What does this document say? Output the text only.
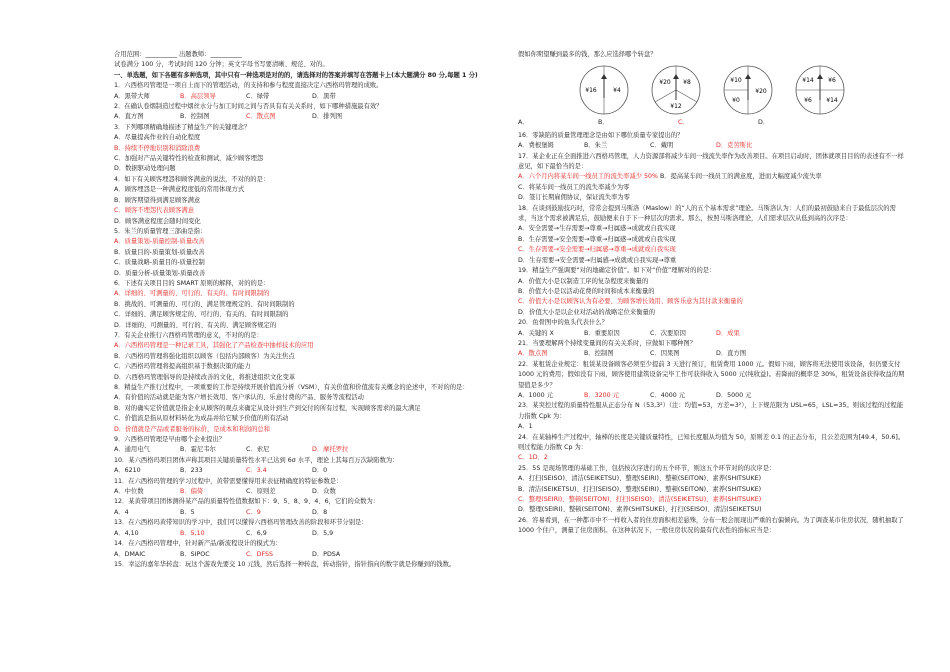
合用范围：__________ 出题教师：__________
试卷满分 100 分，考试时间 120 分钟；英文字母书写要清晰、规范、对的。
一、单选题，如下各题有多种选项，其中只有一种选项是对的的，请选择对的答案并填写在答题卡上(本大题满分 80 分,每题 1 分)
1．六西格玛管理是一项自上而下的管理活动，的支持和参与程度直接决定六西格玛管理的成败。
A．黑带大师	B．高层领导	C．绿带	D．黑带
2．在确认卷烟制造过程中烟丝水分与加工时间之间与否具有有关关系时，如下哪种措施最有效？
A．直方图	B．控制图	C．散点图	D．排列图
3．下列哪项精确地描述了精益生产的关键理念？
A．尽量提高作业的自动化程度
B．持续不停地识别和消除浪费
C．加强对产品关键特性的检查和测试，减少顾客埋怨
D．数据驱动处理问题
4．如下有关顾客埋怨和顾客满意的说法，不对的的是：
A．顾客埋怨是一种满意程度低的常用体现方式
B．顾客期望得到满足顾客满意
C．顾客不埋怨代表顾客满意
D．顾客满意程度会随时间变化
5．朱兰的质量管理三部曲是指：
A．质量策划-质量控制-质量改善
B．质量目的-质量策划-质量改善
C．质量战略-质量目的-质量控制
D．质量分析-质量策划-质量改善
6．下述有关项目目的 SMART 原则的解释，对的的是：
A．详细的、可测量的、可行的、有关的、有时间限制的
B．挑战的、可测量的、可行的、满足管理规定的、有时间限制的
C．详细的、满足顾客规定的、可行的、有关的、有时间限制的
D．详细的、可测量的、可行的、有关的、满足顾客规定的
7．有关企业推行六西格玛管理的意义，不对的的是：
A．六西格玛管理是一种记录工具，其强化了产品检查中抽样技术的应用
B．六西格玛管理将强化组织以顾客（包括内部顾客）为关注焦点
C．六西格玛管理将提高组织基于数据决策的能力
D．六西格玛管理倡导的是持续改善的文化，将推进组织文化变革
8．精益生产推行过程中，一项重要的工作是持续开展价值流分析（VSM），有关价值和价值流有关概念的论述中，不对的的是：
A．有价值的活动就是能为客户增长效用、客户承认的、乐意付费的产品、服务等流程活动
B．对的确实定价值就是指企业从顾客的观点来确定从设计到生产到交付的所有过程，实现顾客需求的最大满足
C．价值流是指从原材料转化为成品并给它赋予价值的所有活动
D．价值就是产品或者服务的标价，是成本和利润的总和
9．六西格玛管理是早由哪个企业提出？
A．通用电气	B．霍尼韦尔	C．索尼	D．摩托罗拉
10．某六西格玛项目团体声称其项目关键质量特性水平已达到 6σ 水平，理论上其每百万次缺陷数为：
A．6210	B．233	C．3.4	D．0
11．在六西格玛管理的学习过程中，黄带需要懂得用来表征精确度的特征参数是：
A．中位数	B．偏倚	C．原则差	D．众数
12．某黄带项目团体测得某产品的质量特性值数据如下：9、5、8、9、4、6，它们的众数为：
A．4	B．5	C．9	D．8
13．在六西格玛黄带知识的学习中，我们可以懂得六西格玛管理改善的阶段和环节分别是：
A．4,10	B．5,10	C．6,9	D．5,9
14．在六西格玛管理中，针对新产品/新流程设计的模式为：
A．DMAIC	B．SIPOC	C．DFSS	D．PDSA
15．幸运的嘉年华转盘：玩这个游戏先要交 10 元钱，然后选择一种转盘，转动指针，指针指向的数字就是你赚到的钱数。
假如你期望赚到最多的钱，那么应选择哪个转盘？
¥16	¥4
¥20 ¥8
¥12
¥10
¥20
¥0
¥14 ¥6
¥6 ¥14
A．	B．	C．	D．
16．零缺陷的质量管理理念是由如下哪位质量专家提出的？
A．费根堡姆	B．朱兰	C．戴明	D．克劳斯比
17．某企业正在全面推进六西格玛管理，人力资源部将减少车间一线流失率作为改善项目。在项目启动时，团体就项目目的的表述有不一样意见，如下最恰当的是：
A．六个月内将某车间一线员工的流失率减少 50% B．提高某车间一线员工的满意度，进而大幅度减少流失率
C．将某车间一线员工的流失率减少为零
D．签订长期雇佣协议，保证流失率为零
18．在谈到鼓励技巧时，常常会提到马斯洛（Maslow）的“人的五个基本需求”理论。马斯洛认为：人们的最初鼓励来自于最低层次的需求，当这个需求被满足后，鼓励便来自于下一种层次的需求。那么，按照马斯洛理论，人们需求层次从低到高的次序是：
A．安全需要→生存需要→尊重→归属感→成就或自我实现
B．生存需要→安全需要→尊重→归属感→成就或自我实现
C．生存需要→安全需要→归属感→尊重→成就或自我实现
D．生存需要→安全需要→归属感→成就或自我实现→尊重
19．精益生产强调要“对的地确定价值”。如下对“价值”理解对的的是：
A．价值大小是以制造工序的复杂程度来衡量的
B．价值大小是以活动花费的时间和成本来衡量的
C．价值大小是以顾客认为有必要、为顾客增长效用、顾客乐意为其付款来衡量的
D．价值大小是以企业对活动的战略定位来衡量的
20．鱼骨图中的鱼头代表什么？
A．关键的 X	B．重要原因	C．次要原因	D．成果
21．当要理解两个持续变量间的有关关系时，应做如下哪种图？
A．散点图	B．控制图	C．因果图	D．直方图
22．某租赁企业规定：租赁某设备顾客必须至少提前 3 天进行预订，租赁费用 1000 元。假如下雨，顾客将无法使用该设备，但仍要支付 1000 元的费用；假如没有下雨，顾客使用建筑设备完毕工作可获得收入 5000 元(纯收益)。若降雨的概率是 30%，租赁设备获得收益的期望值是多少？
A．1000 元	B．3200 元	C．4000 元	D．5000 元
23．某突控过程的质量特性服从正态分布 N（53,3²）（注：均值=53，方差=3²），上下规范限为 USL=65，LSL=35。则该过程的过程能力指数 Cpk 为：
A．1
24．在某轴棒生产过程中，轴棒的长度是关键质量特性，已知长度服从均值为 50，原则差 0.1 的正态分布，且公差范围为[49.4，50.6]。则过程能力指数 Cp 为：
C．1D．2
25．5S 是现场管理的基础工作，包括按次序进行的五个环节，则这五个环节对的的次序是：
A．打扫(SEISO)、清洁(SEIKETSU)、整理(SEIRI)、整顿(SEITON)、素养(SHITSUKE)
B．清洁(SEIKETSU)、打扫(SEISO)、整理(SEIRI)、整顿(SEITON)、素养(SHITSUKE)
C．整理(SEIRI)、整顿(SEITON)、打扫(SEISO)、清洁(SEIKETSU)、素养(SHITSUKE)
D．整理(SEIRI)、整顿(SEITON)、素养(SHITSUKE)、打扫(SEISO)、清洁(SEIKETSU)
26．容易看到，在一种都市中不一样收入者的住房面积相差悬殊，分布一般会展现出严重的右偏倾向。为了调查某市住房状况，随机抽取了 1000 个住户，测量了住房面积。在这种状况下，一般住房状况的最有代表性的指标应当是：
